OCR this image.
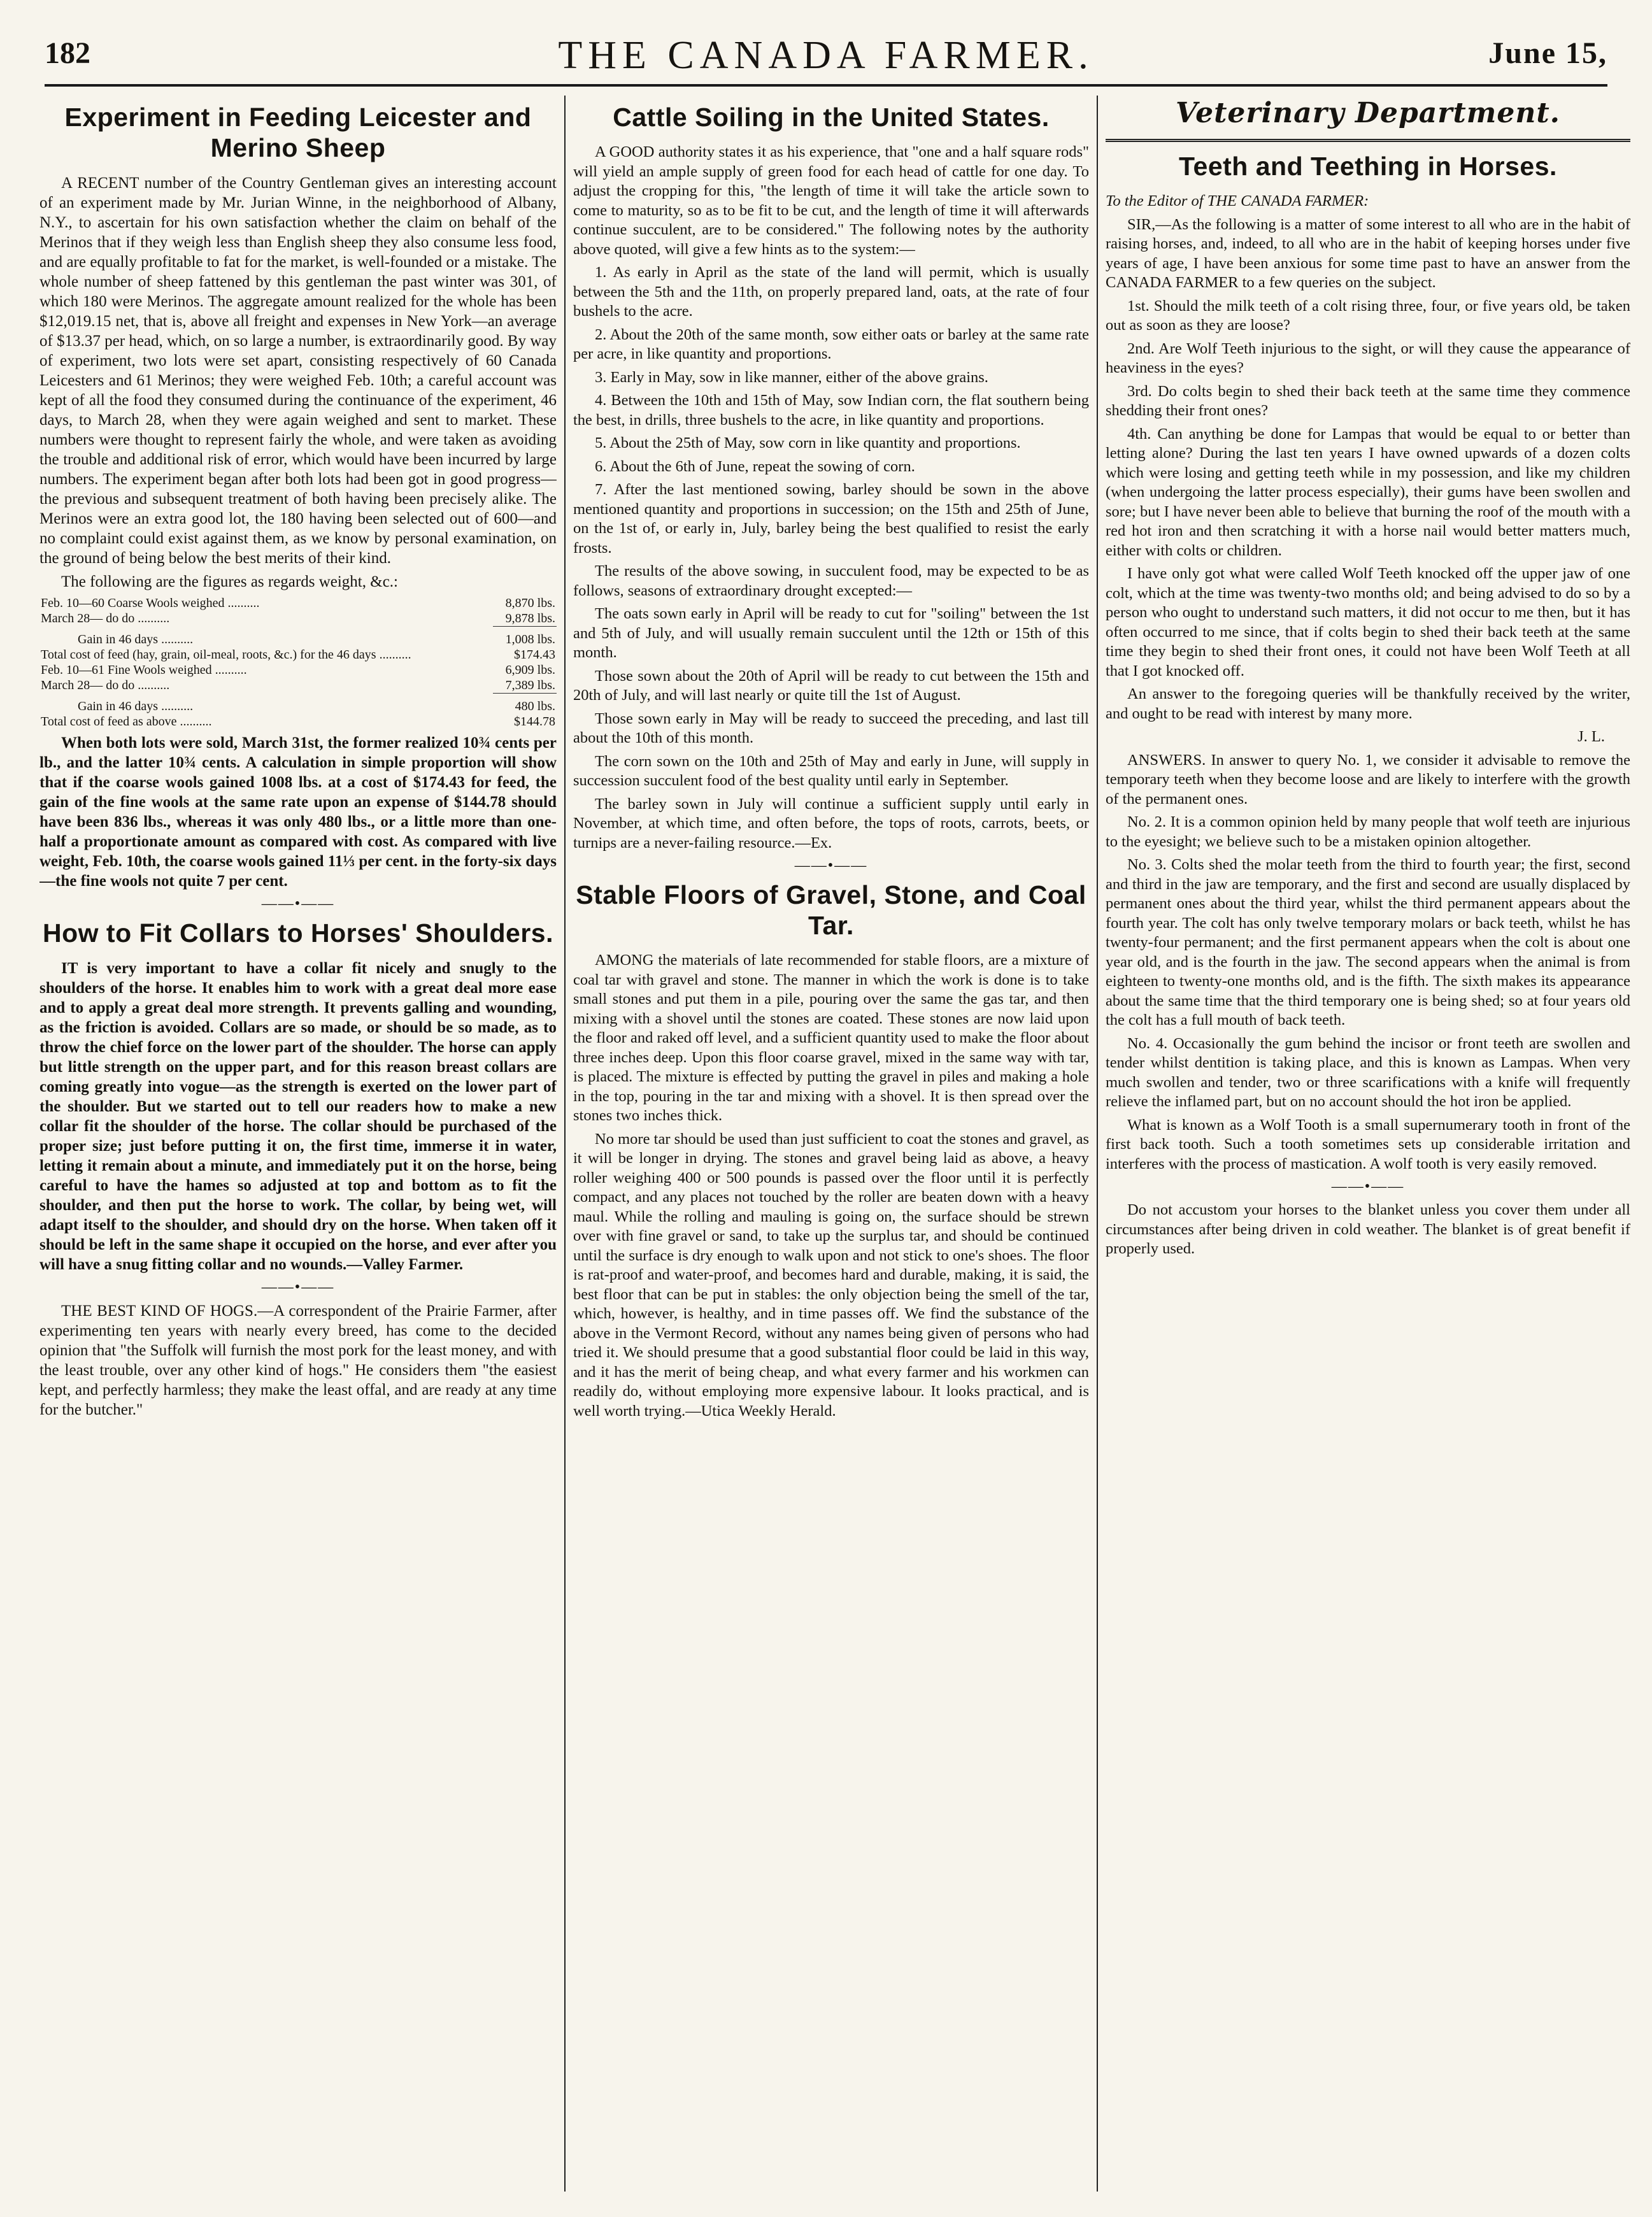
182	THE CANADA FARMER.	June 15,
Experiment in Feeding Leicester and Merino Sheep

A RECENT number of the Country Gentleman gives an interesting account of an experiment made by Mr. Jurian Winne, in the neighborhood of Albany, N.Y., to ascertain for his own satisfaction whether the claim on behalf of the Merinos that if they weigh less than English sheep they also consume less food, and are equally profitable to fat for the market, is well-founded or a mistake. The whole number of sheep fattened by this gentleman the past winter was 301, of which 180 were Merinos. The aggregate amount realized for the whole has been $12,019.15 net, that is, above all freight and expenses in New York—an average of $13.37 per head, which, on so large a number, is extraordinarily good. By way of experiment, two lots were set apart, consisting respectively of 60 Canada Leicesters and 61 Merinos; they were weighed Feb. 10th; a careful account was kept of all the food they consumed during the continuance of the experiment, 46 days, to March 28, when they were again weighed and sent to market. These numbers were thought to represent fairly the whole, and were taken as avoiding the trouble and additional risk of error, which would have been incurred by large numbers. The experiment began after both lots had been got in good progress—the previous and subsequent treatment of both having been precisely alike. The Merinos were an extra good lot, the 180 having been selected out of 600—and no complaint could exist against them, as we know by personal examination, on the ground of being below the best merits of their kind.

The following are the figures as regards weight, &c.:

Feb. 10—60 Coarse Wools weighed ..........	8,870 lbs.
March 28— do do ..........	9,878 lbs.
Gain in 46 days ..........	1,008 lbs.
Total cost of feed (hay, grain, oil-meal, roots, &c.) for the 46 days ..........	$174.43
Feb. 10—61 Fine Wools weighed ..........	6,909 lbs.
March 28— do do ..........	7,389 lbs.
Gain in 46 days ..........	480 lbs.
Total cost of feed as above ..........	$144.78

When both lots were sold, March 31st, the former realized 10¾ cents per lb., and the latter 10¾ cents. A calculation in simple proportion will show that if the coarse wools gained 1008 lbs. at a cost of $174.43 for feed, the gain of the fine wools at the same rate upon an expense of $144.78 should have been 836 lbs., whereas it was only 480 lbs., or a little more than one-half a proportionate amount as compared with cost. As compared with live weight, Feb. 10th, the coarse wools gained 11⅓ per cent. in the forty-six days—the fine wools not quite 7 per cent.

——•——
How to Fit Collars to Horses' Shoulders.

IT is very important to have a collar fit nicely and snugly to the shoulders of the horse. It enables him to work with a great deal more ease and to apply a great deal more strength. It prevents galling and wounding, as the friction is avoided. Collars are so made, or should be so made, as to throw the chief force on the lower part of the shoulder. The horse can apply but little strength on the upper part, and for this reason breast collars are coming greatly into vogue—as the strength is exerted on the lower part of the shoulder. But we started out to tell our readers how to make a new collar fit the shoulder of the horse. The collar should be purchased of the proper size; just before putting it on, the first time, immerse it in water, letting it remain about a minute, and immediately put it on the horse, being careful to have the hames so adjusted at top and bottom as to fit the shoulder, and then put the horse to work. The collar, by being wet, will adapt itself to the shoulder, and should dry on the horse. When taken off it should be left in the same shape it occupied on the horse, and ever after you will have a snug fitting collar and no wounds.—Valley Farmer.

——•——

THE BEST KIND OF HOGS.—A correspondent of the Prairie Farmer, after experimenting ten years with nearly every breed, has come to the decided opinion that "the Suffolk will furnish the most pork for the least money, and with the least trouble, over any other kind of hogs." He considers them "the easiest kept, and perfectly harmless; they make the least offal, and are ready at any time for the butcher."

Cattle Soiling in the United States.

A GOOD authority states it as his experience, that "one and a half square rods" will yield an ample supply of green food for each head of cattle for one day. To adjust the cropping for this, "the length of time it will take the article sown to come to maturity, so as to be fit to be cut, and the length of time it will afterwards continue succulent, are to be considered." The following notes by the authority above quoted, will give a few hints as to the system:—

1. As early in April as the state of the land will permit, which is usually between the 5th and the 11th, on properly prepared land, oats, at the rate of four bushels to the acre.

2. About the 20th of the same month, sow either oats or barley at the same rate per acre, in like quantity and proportions.

3. Early in May, sow in like manner, either of the above grains.

4. Between the 10th and 15th of May, sow Indian corn, the flat southern being the best, in drills, three bushels to the acre, in like quantity and proportions.

5. About the 25th of May, sow corn in like quantity and proportions.

6. About the 6th of June, repeat the sowing of corn.

7. After the last mentioned sowing, barley should be sown in the above mentioned quantity and proportions in succession; on the 15th and 25th of June, on the 1st of, or early in, July, barley being the best qualified to resist the early frosts.

The results of the above sowing, in succulent food, may be expected to be as follows, seasons of extraordinary drought excepted:—

The oats sown early in April will be ready to cut for "soiling" between the 1st and 5th of July, and will usually remain succulent until the 12th or 15th of this month.

Those sown about the 20th of April will be ready to cut between the 15th and 20th of July, and will last nearly or quite till the 1st of August.

Those sown early in May will be ready to succeed the preceding, and last till about the 10th of this month.

The corn sown on the 10th and 25th of May and early in June, will supply in succession succulent food of the best quality until early in September.

The barley sown in July will continue a sufficient supply until early in November, at which time, and often before, the tops of roots, carrots, beets, or turnips are a never-failing resource.—Ex.

——•——
Stable Floors of Gravel, Stone, and Coal Tar.

AMONG the materials of late recommended for stable floors, are a mixture of coal tar with gravel and stone. The manner in which the work is done is to take small stones and put them in a pile, pouring over the same the gas tar, and then mixing with a shovel until the stones are coated. These stones are now laid upon the floor and raked off level, and a sufficient quantity used to make the floor about three inches deep. Upon this floor coarse gravel, mixed in the same way with tar, is placed. The mixture is effected by putting the gravel in piles and making a hole in the top, pouring in the tar and mixing with a shovel. It is then spread over the stones two inches thick.

No more tar should be used than just sufficient to coat the stones and gravel, as it will be longer in drying. The stones and gravel being laid as above, a heavy roller weighing 400 or 500 pounds is passed over the floor until it is perfectly compact, and any places not touched by the roller are beaten down with a heavy maul. While the rolling and mauling is going on, the surface should be strewn over with fine gravel or sand, to take up the surplus tar, and should be continued until the surface is dry enough to walk upon and not stick to one's shoes. The floor is rat-proof and water-proof, and becomes hard and durable, making, it is said, the best floor that can be put in stables: the only objection being the smell of the tar, which, however, is healthy, and in time passes off. We find the substance of the above in the Vermont Record, without any names being given of persons who had tried it. We should presume that a good substantial floor could be laid in this way, and it has the merit of being cheap, and what every farmer and his workmen can readily do, without employing more expensive labour. It looks practical, and is well worth trying.—Utica Weekly Herald.

Veterinary Department.
Teeth and Teething in Horses.

To the Editor of THE CANADA FARMER:

SIR,—As the following is a matter of some interest to all who are in the habit of raising horses, and, indeed, to all who are in the habit of keeping horses under five years of age, I have been anxious for some time past to have an answer from the CANADA FARMER to a few queries on the subject.

1st. Should the milk teeth of a colt rising three, four, or five years old, be taken out as soon as they are loose?

2nd. Are Wolf Teeth injurious to the sight, or will they cause the appearance of heaviness in the eyes?

3rd. Do colts begin to shed their back teeth at the same time they commence shedding their front ones?

4th. Can anything be done for Lampas that would be equal to or better than letting alone? During the last ten years I have owned upwards of a dozen colts which were losing and getting teeth while in my possession, and like my children (when undergoing the latter process especially), their gums have been swollen and sore; but I have never been able to believe that burning the roof of the mouth with a red hot iron and then scratching it with a horse nail would better matters much, either with colts or children.

I have only got what were called Wolf Teeth knocked off the upper jaw of one colt, which at the time was twenty-two months old; and being advised to do so by a person who ought to understand such matters, it did not occur to me then, but it has often occurred to me since, that if colts begin to shed their back teeth at the same time they begin to shed their front ones, it could not have been Wolf Teeth at all that I got knocked off.

An answer to the foregoing queries will be thankfully received by the writer, and ought to be read with interest by many more.

J. L.

ANSWERS. In answer to query No. 1, we consider it advisable to remove the temporary teeth when they become loose and are likely to interfere with the growth of the permanent ones.

No. 2. It is a common opinion held by many people that wolf teeth are injurious to the eyesight; we believe such to be a mistaken opinion altogether.

No. 3. Colts shed the molar teeth from the third to fourth year; the first, second and third in the jaw are temporary, and the first and second are usually displaced by permanent ones about the third year, whilst the third permanent appears about the fourth year. The colt has only twelve temporary molars or back teeth, whilst he has twenty-four permanent; and the first permanent appears when the colt is about one year old, and is the fourth in the jaw. The second appears when the animal is from eighteen to twenty-one months old, and is the fifth. The sixth makes its appearance about the same time that the third temporary one is being shed; so at four years old the colt has a full mouth of back teeth.

No. 4. Occasionally the gum behind the incisor or front teeth are swollen and tender whilst dentition is taking place, and this is known as Lampas. When very much swollen and tender, two or three scarifications with a knife will frequently relieve the inflamed part, but on no account should the hot iron be applied.

What is known as a Wolf Tooth is a small supernumerary tooth in front of the first back tooth. Such a tooth sometimes sets up considerable irritation and interferes with the process of mastication. A wolf tooth is very easily removed.

——•——

Do not accustom your horses to the blanket unless you cover them under all circumstances after being driven in cold weather. The blanket is of great benefit if properly used.
